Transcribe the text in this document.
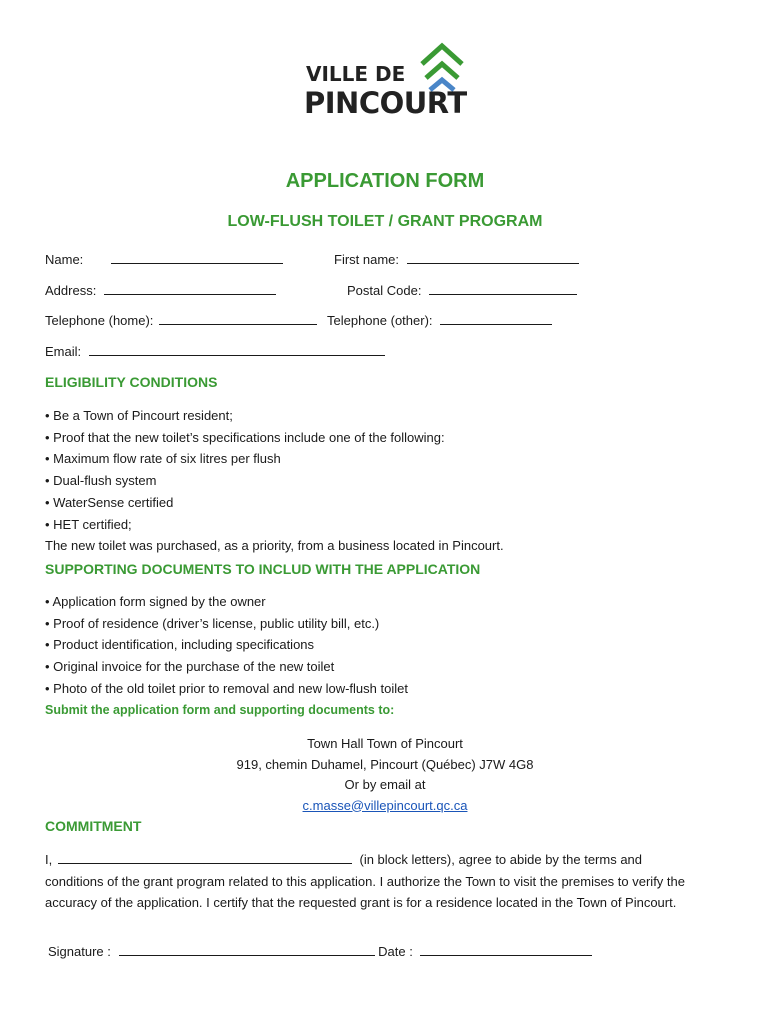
VILLE DE
PINCOURT
APPLICATION FORM
LOW-FLUSH TOILET / GRANT PROGRAM
Name:	First name:
Address:	Postal Code:
Telephone (home):	Telephone (other):
Email:
ELIGIBILITY CONDITIONS
• Be a Town of Pincourt resident;
• Proof that the new toilet’s specifications include one of the following:
• Maximum flow rate of six litres per flush
• Dual-flush system
• WaterSense certified
• HET certified;
The new toilet was purchased, as a priority, from a business located in Pincourt.
SUPPORTING DOCUMENTS TO INCLUD WITH THE APPLICATION
• Application form signed by the owner
• Proof of residence (driver’s license, public utility bill, etc.)
• Product identification, including specifications
• Original invoice for the purchase of the new toilet
• Photo of the old toilet prior to removal and new low-flush toilet
Submit the application form and supporting documents to:
Town Hall Town of Pincourt
919, chemin Duhamel, Pincourt (Québec) J7W 4G8
Or by email at
c.masse@villepincourt.qc.ca
COMMITMENT
I,	(in block letters), agree to abide by the terms and
conditions of the grant program related to this application. I authorize the Town to visit the premises to verify the accuracy of the application. I certify that the requested grant is for a residence located in the Town of Pincourt.
Signature :	Date :
